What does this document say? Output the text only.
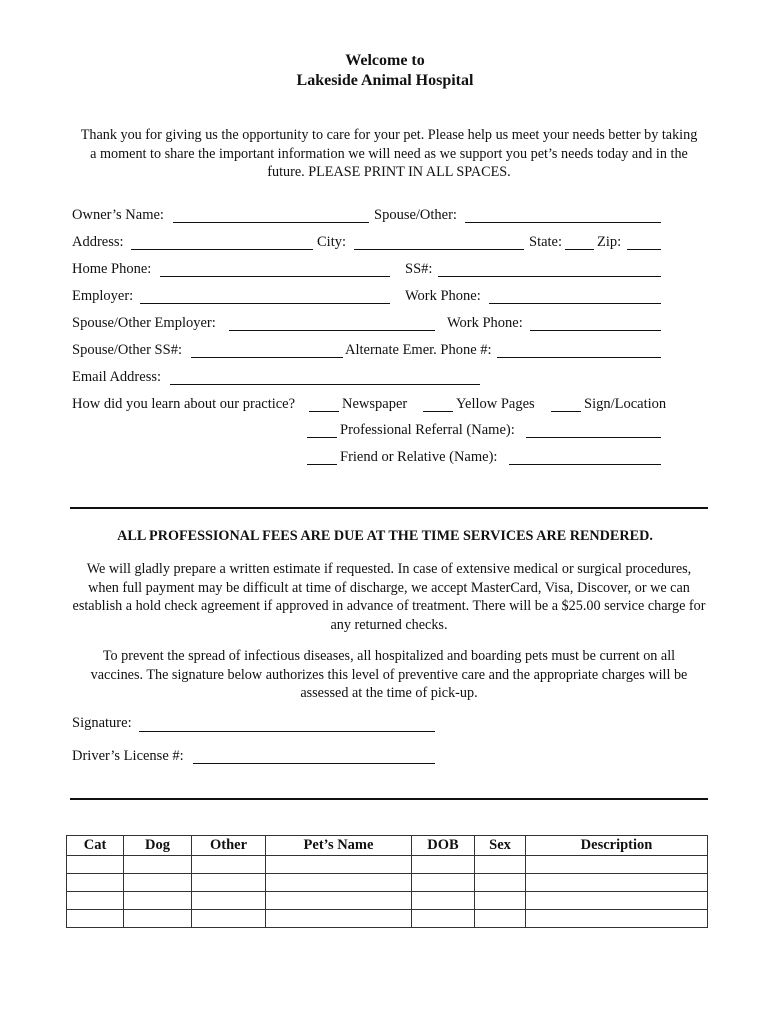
Welcome to
Lakeside Animal Hospital
Thank you for giving us the opportunity to care for your pet. Please help us meet your needs better by taking a moment to share the important information we will need as we support you pet’s needs today and in the future. PLEASE PRINT IN ALL SPACES.
Owner’s Name:	Spouse/Other:
Address:	City:	State: Zip:
Home Phone:	SS#:
Employer:	Work Phone:
Spouse/Other Employer:	Work Phone:
Spouse/Other SS#:	Alternate Emer. Phone #:
Email Address:
How did you learn about our practice?	Newspaper	Yellow Pages	Sign/Location
Professional Referral (Name):
Friend or Relative (Name):
ALL PROFESSIONAL FEES ARE DUE AT THE TIME SERVICES ARE RENDERED.
We will gladly prepare a written estimate if requested. In case of extensive medical or surgical procedures, when full payment may be difficult at time of discharge, we accept MasterCard, Visa, Discover, or we can establish a hold check agreement if approved in advance of treatment. There will be a $25.00 service charge for any returned checks.
To prevent the spread of infectious diseases, all hospitalized and boarding pets must be current on all vaccines. The signature below authorizes this level of preventive care and the appropriate charges will be assessed at the time of pick-up.
Signature:
Driver’s License #:
Cat	Dog	Other	Pet’s Name	DOB	Sex	Description
